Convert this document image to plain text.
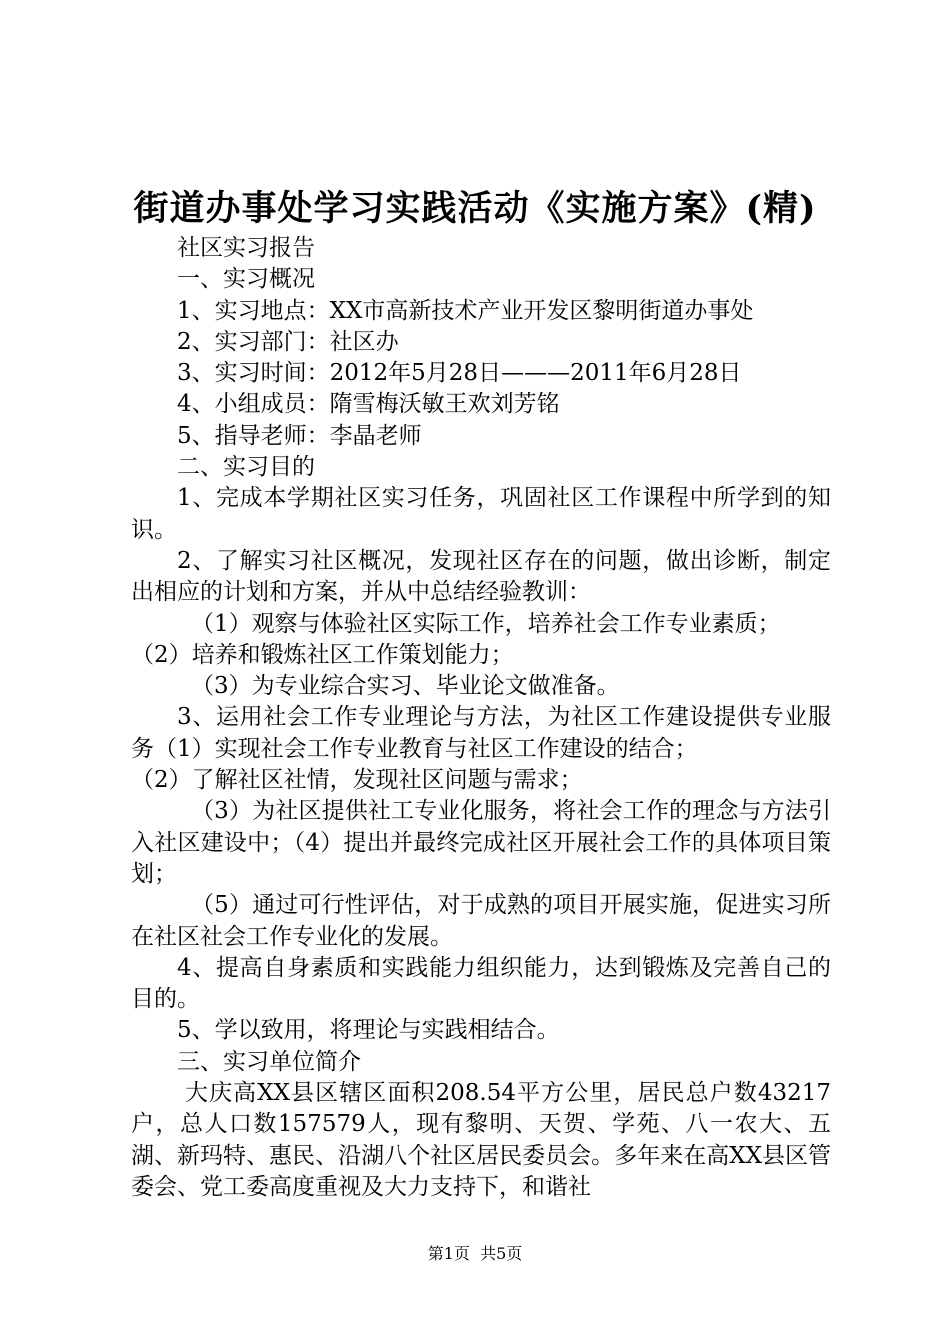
街道办事处学习实践活动《实施方案》(精)

社区实习报告

一、实习概况

1、实习地点：XX市高新技术产业开发区黎明街道办事处

2、实习部门：社区办

3、实习时间：2012年5月28日———2011年6月28日

4、小组成员：隋雪梅沃敏王欢刘芳铭

5、指导老师：李晶老师

二、实习目的

1、完成本学期社区实习任务，巩固社区工作课程中所学到的知识。

2、了解实习社区概况，发现社区存在的问题，做出诊断，制定出相应的计划和方案，并从中总结经验教训：

（1）观察与体验社区实际工作，培养社会工作专业素质；

（2）培养和锻炼社区工作策划能力；

（3）为专业综合实习、毕业论文做准备。

3、运用社会工作专业理论与方法，为社区工作建设提供专业服务（1）实现社会工作专业教育与社区工作建设的结合；

（2）了解社区社情，发现社区问题与需求；

（3）为社区提供社工专业化服务，将社会工作的理念与方法引入社区建设中；（4）提出并最终完成社区开展社会工作的具体项目策划；

（5）通过可行性评估，对于成熟的项目开展实施，促进实习所在社区社会工作专业化的发展。

4、提高自身素质和实践能力组织能力，达到锻炼及完善自己的目的。

5、学以致用，将理论与实践相结合。

三、实习单位简介

大庆高XX县区辖区面积208.54平方公里，居民总户数43217户，总人口数157579人，现有黎明、天贺、学苑、八一农大、五湖、新玛特、惠民、沿湖八个社区居民委员会。多年来在高XX县区管委会、党工委高度重视及大力支持下，和谐社

第1页  共5页
